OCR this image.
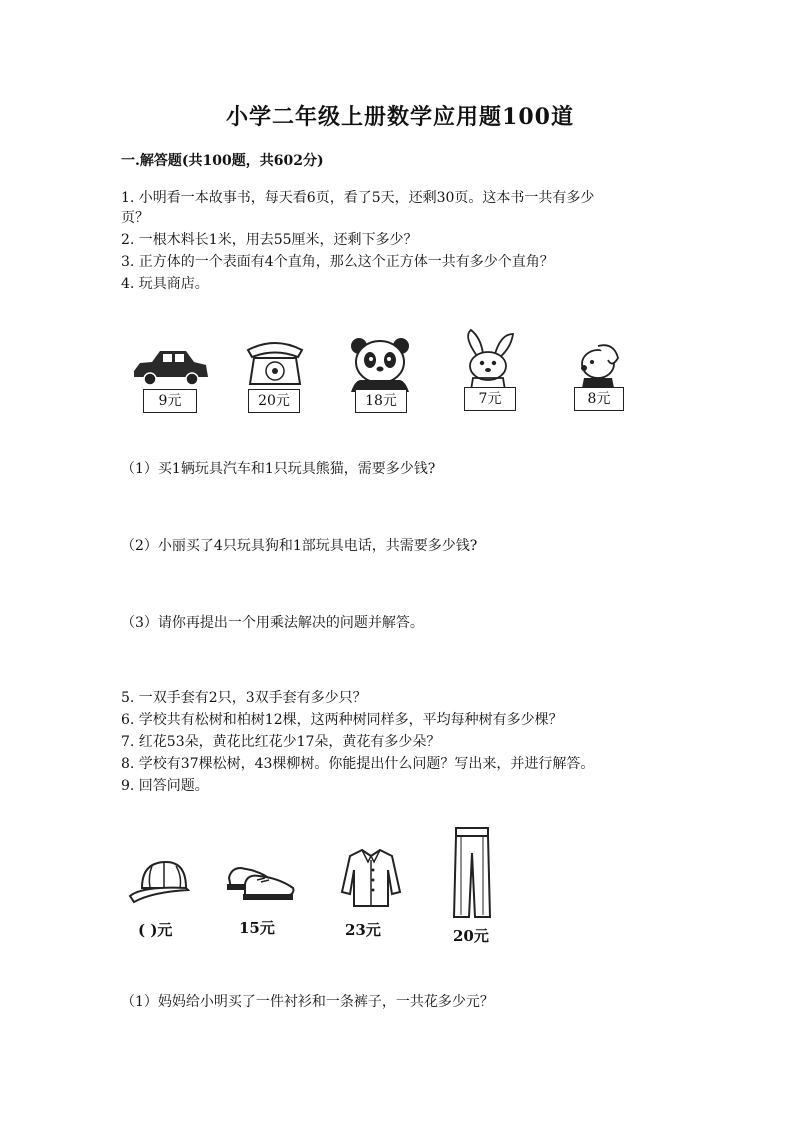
小学二年级上册数学应用题100道
一.解答题(共100题，共602分)
1. 小明看一本故事书，每天看6页，看了5天，还剩30页。这本书一共有多少
页？
2. 一根木料长1米，用去55厘米，还剩下多少？
3. 正方体的一个表面有4个直角，那么这个正方体一共有多少个直角？
4. 玩具商店。
9元	20元	18元	7元	8元
（1）买1辆玩具汽车和1只玩具熊猫，需要多少钱?
（2）小丽买了4只玩具狗和1部玩具电话，共需要多少钱?
（3）请你再提出一个用乘法解决的问题并解答。
5. 一双手套有2只，3双手套有多少只？
6. 学校共有松树和柏树12棵，这两种树同样多，平均每种树有多少棵？
7. 红花53朵，黄花比红花少17朵，黄花有多少朵？
8. 学校有37棵松树，43棵柳树。你能提出什么问题？写出来，并进行解答。
9. 回答问题。
( )元	15元	23元	20元
（1）妈妈给小明买了一件衬衫和一条裤子，一共花多少元？
